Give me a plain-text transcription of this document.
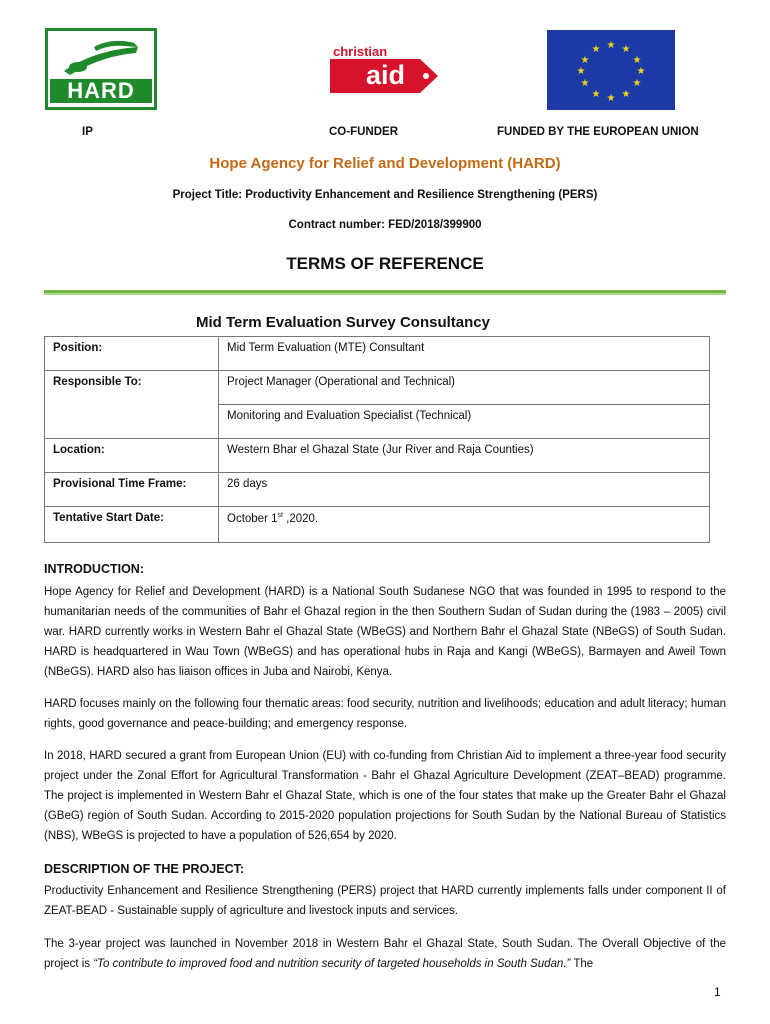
HARD
christian
aid
★ ★
★
★
★
★
★
★
★
★
★
★
IP	CO-FUNDER	FUNDED BY THE EUROPEAN UNION
Hope Agency for Relief and Development (HARD)
Project Title: Productivity Enhancement and Resilience Strengthening (PERS)
Contract number: FED/2018/399900
TERMS OF REFERENCE
Mid Term Evaluation Survey Consultancy
Position:	Mid Term Evaluation (MTE) Consultant
Responsible To:	Project Manager (Operational and Technical)
	Monitoring and Evaluation Specialist (Technical)
Location:	Western Bhar el Ghazal State (Jur River and Raja Counties)
Provisional Time Frame:	26 days
Tentative Start Date:	October 1st ,2020.
INTRODUCTION:
Hope Agency for Relief and Development (HARD) is a National South Sudanese NGO that was founded in 1995 to respond to the humanitarian needs of the communities of Bahr el Ghazal region in the then Southern Sudan of Sudan during the (1983 – 2005) civil war. HARD currently works in Western Bahr el Ghazal State (WBeGS) and Northern Bahr el Ghazal State (NBeGS) of South Sudan. HARD is headquartered in Wau Town (WBeGS) and has operational hubs in Raja and Kangi (WBeGS), Barmayen and Aweil Town (NBeGS). HARD also has liaison offices in Juba and Nairobi, Kenya.
HARD focuses mainly on the following four thematic areas: food security, nutrition and livelihoods; education and adult literacy; human rights, good governance and peace-building; and emergency response.
In 2018, HARD secured a grant from European Union (EU) with co-funding from Christian Aid to implement a three-year food security project under the Zonal Effort for Agricultural Transformation - Bahr el Ghazal Agriculture Development (ZEAT–BEAD) programme. The project is implemented in Western Bahr el Ghazal State, which is one of the four states that make up the Greater Bahr el Ghazal (GBeG) region of South Sudan. According to 2015-2020 population projections for South Sudan by the National Bureau of Statistics (NBS), WBeGS is projected to have a population of 526,654 by 2020.
DESCRIPTION OF THE PROJECT:
Productivity Enhancement and Resilience Strengthening (PERS) project that HARD currently implements falls under component II of ZEAT-BEAD - Sustainable supply of agriculture and livestock inputs and services.
The 3-year project was launched in November 2018 in Western Bahr el Ghazal State, South Sudan. The Overall Objective of the project is “To contribute to improved food and nutrition security of targeted households in South Sudan.” The
1
